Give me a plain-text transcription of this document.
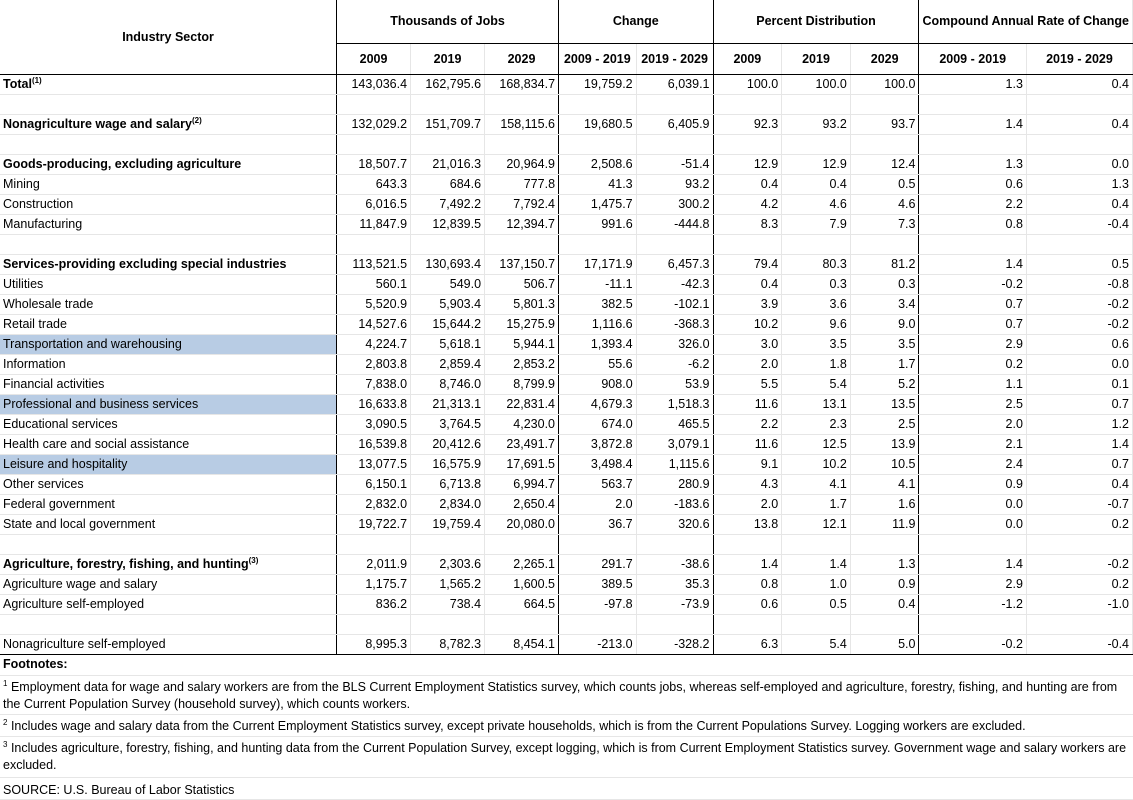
Industry Sector	Thousands of Jobs			Change		Percent Distribution			Compound Annual Rate of Change	
	2009	2019	2029	2009 - 2019	2019 - 2029	2009	2019	2029	2009 - 2019	2019 - 2029
Total$^{(1)}$	143,036.4	162,795.6	168,834.7	19,759.2	6,039.1	100.0	100.0	100.0	1.3	0.4

Nonagriculture wage and salary$^{(2)}$	132,029.2	151,709.7	158,115.6	19,680.5	6,405.9	92.3	93.2	93.7	1.4	0.4

Goods-producing, excluding agriculture	18,507.7	21,016.3	20,964.9	2,508.6	-51.4	12.9	12.9	12.4	1.3	0.0
Mining	643.3	684.6	777.8	41.3	93.2	0.4	0.4	0.5	0.6	1.3
Construction	6,016.5	7,492.2	7,792.4	1,475.7	300.2	4.2	4.6	4.6	2.2	0.4
Manufacturing	11,847.9	12,839.5	12,394.7	991.6	-444.8	8.3	7.9	7.3	0.8	-0.4

Services-providing excluding special industries	113,521.5	130,693.4	137,150.7	17,171.9	6,457.3	79.4	80.3	81.2	1.4	0.5
Utilities	560.1	549.0	506.7	-11.1	-42.3	0.4	0.3	0.3	-0.2	-0.8
Wholesale trade	5,520.9	5,903.4	5,801.3	382.5	-102.1	3.9	3.6	3.4	0.7	-0.2
Retail trade	14,527.6	15,644.2	15,275.9	1,116.6	-368.3	10.2	9.6	9.0	0.7	-0.2
Transportation and warehousing	4,224.7	5,618.1	5,944.1	1,393.4	326.0	3.0	3.5	3.5	2.9	0.6
Information	2,803.8	2,859.4	2,853.2	55.6	-6.2	2.0	1.8	1.7	0.2	0.0
Financial activities	7,838.0	8,746.0	8,799.9	908.0	53.9	5.5	5.4	5.2	1.1	0.1
Professional and business services	16,633.8	21,313.1	22,831.4	4,679.3	1,518.3	11.6	13.1	13.5	2.5	0.7
Educational services	3,090.5	3,764.5	4,230.0	674.0	465.5	2.2	2.3	2.5	2.0	1.2
Health care and social assistance	16,539.8	20,412.6	23,491.7	3,872.8	3,079.1	11.6	12.5	13.9	2.1	1.4
Leisure and hospitality	13,077.5	16,575.9	17,691.5	3,498.4	1,115.6	9.1	10.2	10.5	2.4	0.7
Other services	6,150.1	6,713.8	6,994.7	563.7	280.9	4.3	4.1	4.1	0.9	0.4
Federal government	2,832.0	2,834.0	2,650.4	2.0	-183.6	2.0	1.7	1.6	0.0	-0.7
State and local government	19,722.7	19,759.4	20,080.0	36.7	320.6	13.8	12.1	11.9	0.0	0.2

Agriculture, forestry, fishing, and hunting$^{(3)}$	2,011.9	2,303.6	2,265.1	291.7	-38.6	1.4	1.4	1.3	1.4	-0.2
Agriculture wage and salary	1,175.7	1,565.2	1,600.5	389.5	35.3	0.8	1.0	0.9	2.9	0.2
Agriculture self-employed	836.2	738.4	664.5	-97.8	-73.9	0.6	0.5	0.4	-1.2	-1.0

Nonagriculture self-employed	8,995.3	8,782.3	8,454.1	-213.0	-328.2	6.3	5.4	5.0	-0.2	-0.4
Footnotes:
$^1$ Employment data for wage and salary workers are from the BLS Current Employment Statistics survey, which counts jobs, whereas self-employed and agriculture, forestry, fishing, and hunting are from the Current Population Survey (household survey), which counts workers.
$^2$ Includes wage and salary data from the Current Employment Statistics survey, except private households, which is from the Current Populations Survey. Logging workers are excluded.
$^3$ Includes agriculture, forestry, fishing, and hunting data from the Current Population Survey, except logging, which is from Current Employment Statistics survey. Government wage and salary workers are excluded.
SOURCE: U.S. Bureau of Labor Statistics
